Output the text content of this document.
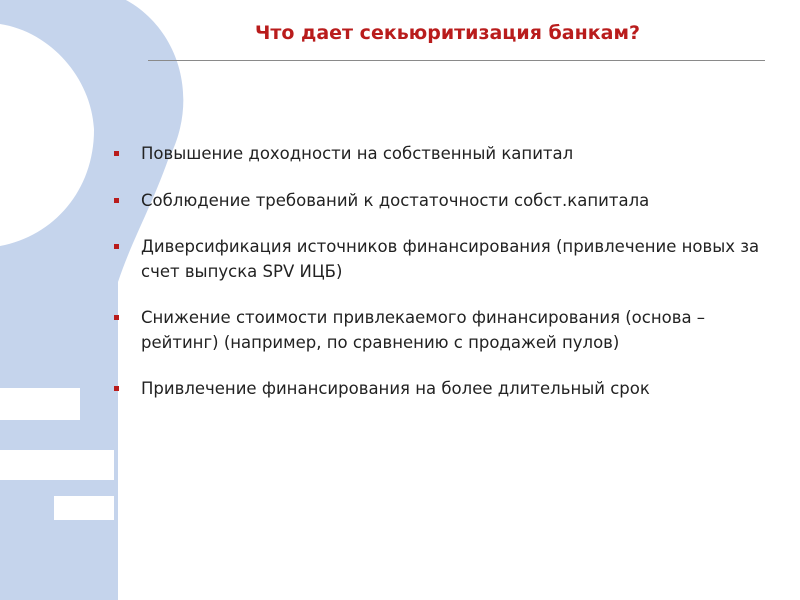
Что дает секьюритизация банкам?
Повышение доходности на собственный капитал
Соблюдение требований к достаточности собст.капитала
Диверсификация источников финансирования (привлечение новых за счет выпуска SPV ИЦБ)
Снижение стоимости привлекаемого финансирования (основа – рейтинг) (например, по сравнению с продажей пулов)
Привлечение финансирования на более длительный срок
